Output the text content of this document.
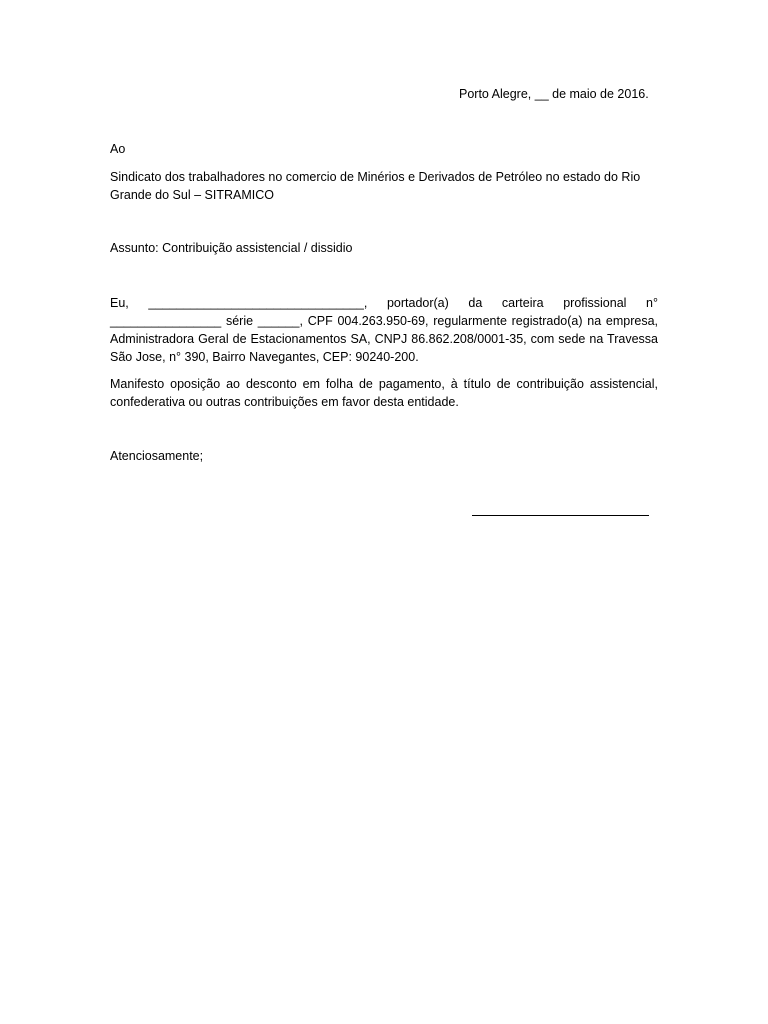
Porto Alegre, __ de maio de 2016.
Ao
Sindicato dos trabalhadores no comercio de Minérios e Derivados de Petróleo no estado do Rio Grande do Sul – SITRAMICO
Assunto: Contribuição assistencial / dissidio
Eu, _______________________________, portador(a) da carteira profissional n°
________________ série ______, CPF 004.263.950-69, regularmente registrado(a) na empresa,
Administradora Geral de Estacionamentos SA, CNPJ 86.862.208/0001-35, com sede na Travessa
São Jose, n° 390, Bairro Navegantes, CEP: 90240-200.
Manifesto oposição ao desconto em folha de pagamento, à título de contribuição assistencial,
confederativa ou outras contribuições em favor desta entidade.
Atenciosamente;
